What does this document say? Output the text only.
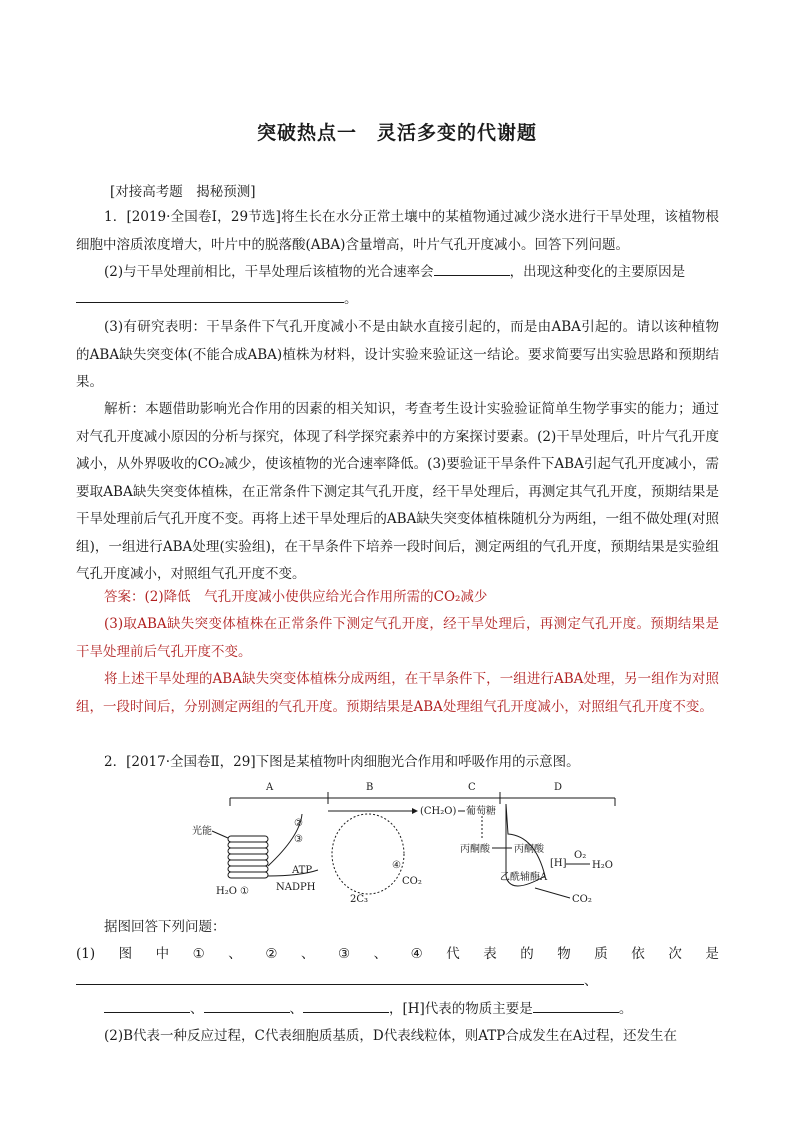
突破热点一　灵活多变的代谢题
[对接高考题　揭秘预测]
1．[2019·全国卷Ⅰ，29节选]将生长在水分正常土壤中的某植物通过减少浇水进行干旱处理，该植物根细胞中溶质浓度增大，叶片中的脱落酸(ABA)含量增高，叶片气孔开度减小。回答下列问题。
(2)与干旱处理前相比，干旱处理后该植物的光合速率会	，出现这种变化的主要原因是
。
(3)有研究表明：干旱条件下气孔开度减小不是由缺水直接引起的，而是由ABA引起的。请以该种植物的ABA缺失突变体(不能合成ABA)植株为材料，设计实验来验证这一结论。要求简要写出实验思路和预期结果。
解析：本题借助影响光合作用的因素的相关知识，考查考生设计实验验证简单生物学事实的能力；通过对气孔开度减小原因的分析与探究，体现了科学探究素养中的方案探讨要素。(2)干旱处理后，叶片气孔开度减小，从外界吸收的CO₂减少，使该植物的光合速率降低。(3)要验证干旱条件下ABA引起气孔开度减小，需要取ABA缺失突变体植株，在正常条件下测定其气孔开度，经干旱处理后，再测定其气孔开度，预期结果是干旱处理前后气孔开度不变。再将上述干旱处理后的ABA缺失突变体植株随机分为两组，一组不做处理(对照组)，一组进行ABA处理(实验组)，在干旱条件下培养一段时间后，测定两组的气孔开度，预期结果是实验组气孔开度减小，对照组气孔开度不变。
答案：(2)降低　气孔开度减小使供应给光合作用所需的CO₂减少
(3)取ABA缺失突变体植株在正常条件下测定气孔开度，经干旱处理后，再测定气孔开度。预期结果是干旱处理前后气孔开度不变。
将上述干旱处理的ABA缺失突变体植株分成两组，在干旱条件下，一组进行ABA处理，另一组作为对照组，一段时间后，分别测定两组的气孔开度。预期结果是ABA处理组气孔开度减小，对照组气孔开度不变。
2．[2017·全国卷Ⅱ，29]下图是某植物叶肉细胞光合作用和呼吸作用的示意图。
A	B	C	D
(CH₂O) 葡萄糖
光能
H₂O ①
②
③
ATP
NADPH
④
CO₂
2C₃
丙酮酸 丙酮酸
[H]
O₂
H₂O
乙酰辅酶A
CO₂
据图回答下列问题：
(1) 图 中 ① 、 ② 、 ③ 、 ④ 代 表 的 物 质 依 次 是
、
、	、	，[H]代表的物质主要是	。
(2)B代表一种反应过程，C代表细胞质基质，D代表线粒体，则ATP合成发生在A过程，还发生在
